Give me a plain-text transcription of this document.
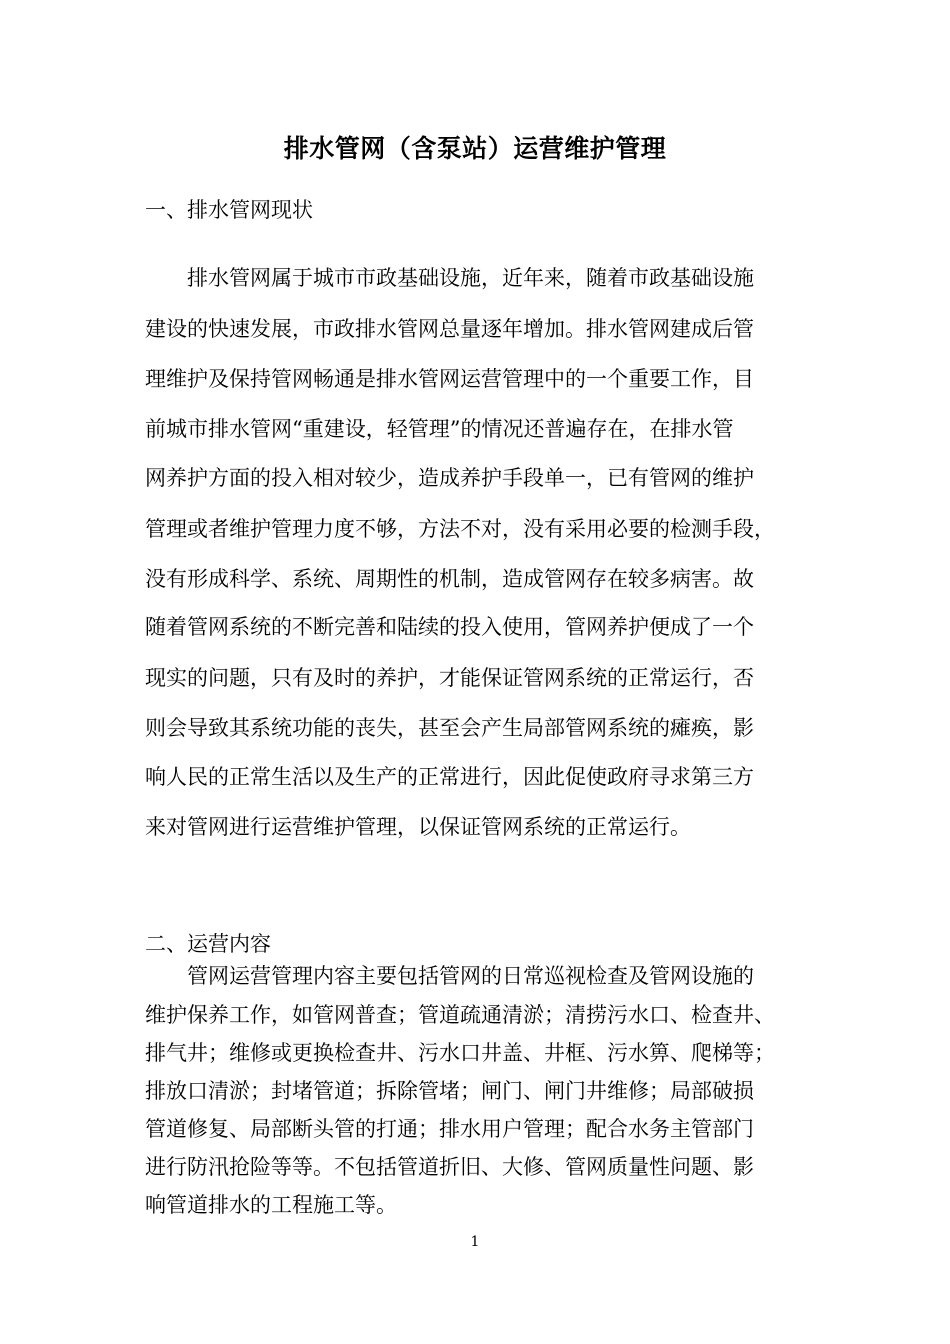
排水管网（含泵站）运营维护管理
一、排水管网现状
排水管网属于城市市政基础设施，近年来，随着市政基础设施
建设的快速发展，市政排水管网总量逐年增加。排水管网建成后管
理维护及保持管网畅通是排水管网运营管理中的一个重要工作，目
前城市排水管网“重建设，轻管理”的情况还普遍存在，在排水管
网养护方面的投入相对较少，造成养护手段单一，已有管网的维护
管理或者维护管理力度不够，方法不对，没有采用必要的检测手段，
没有形成科学、系统、周期性的机制，造成管网存在较多病害。故
随着管网系统的不断完善和陆续的投入使用，管网养护便成了一个
现实的问题，只有及时的养护，才能保证管网系统的正常运行，否
则会导致其系统功能的丧失，甚至会产生局部管网系统的瘫痪，影
响人民的正常生活以及生产的正常进行，因此促使政府寻求第三方
来对管网进行运营维护管理，以保证管网系统的正常运行。
二、运营内容
管网运营管理内容主要包括管网的日常巡视检查及管网设施的
维护保养工作，如管网普查；管道疏通清淤；清捞污水口、检查井、
排气井；维修或更换检查井、污水口井盖、井框、污水箅、爬梯等；
排放口清淤；封堵管道；拆除管堵；闸门、闸门井维修；局部破损
管道修复、局部断头管的打通；排水用户管理；配合水务主管部门
进行防汛抢险等等。不包括管道折旧、大修、管网质量性问题、影
响管道排水的工程施工等。
1
